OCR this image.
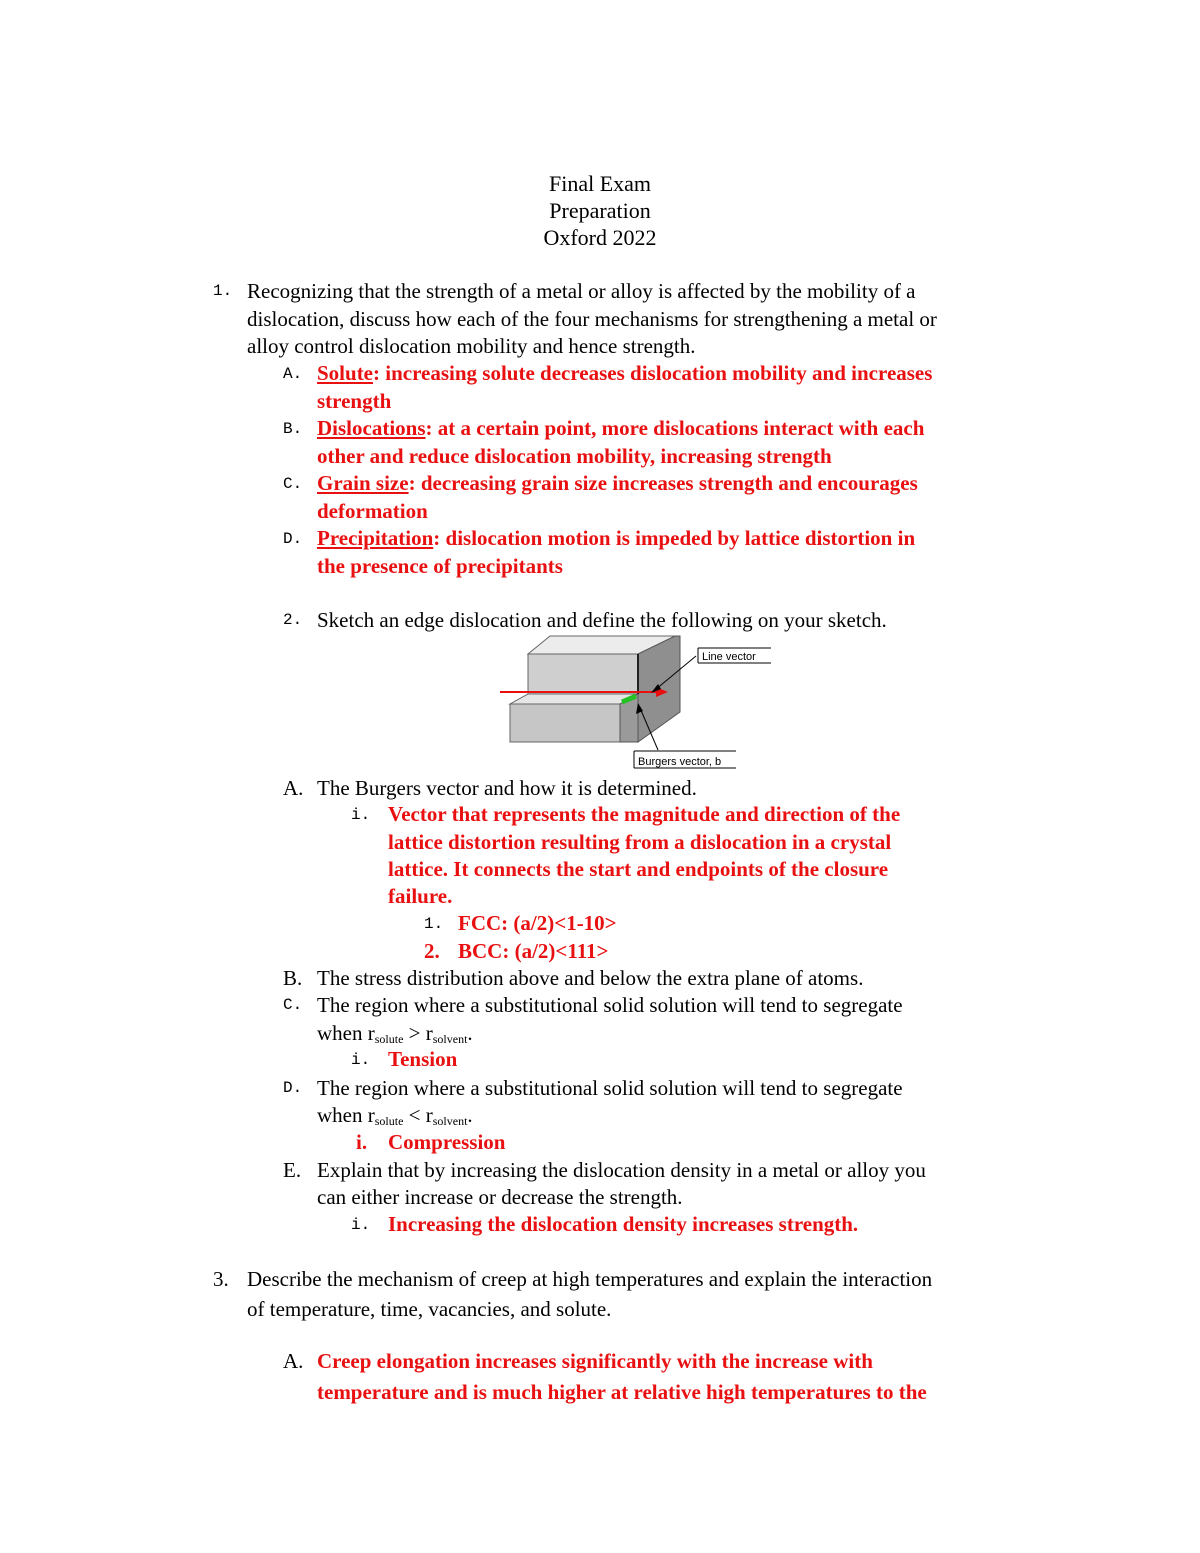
Final Exam
Preparation
Oxford 2022
1. Recognizing that the strength of a metal or alloy is affected by the mobility of a
dislocation, discuss how each of the four mechanisms for strengthening a metal or
alloy control dislocation mobility and hence strength.
A. Solute: increasing solute decreases dislocation mobility and increases
strength
B. Dislocations: at a certain point, more dislocations interact with each
other and reduce dislocation mobility, increasing strength
C. Grain size: decreasing grain size increases strength and encourages
deformation
D. Precipitation: dislocation motion is impeded by lattice distortion in
the presence of precipitants
2. Sketch an edge dislocation and define the following on your sketch.
Line vector
Burgers vector, b
A. The Burgers vector and how it is determined.
i. Vector that represents the magnitude and direction of the
lattice distortion resulting from a dislocation in a crystal
lattice. It connects the start and endpoints of the closure
failure.
1. FCC: (a/2)<1-10>
2. BCC: (a/2)<111>
B. The stress distribution above and below the extra plane of atoms.
C. The region where a substitutional solid solution will tend to segregate
when $r_{solute} > r_{solvent}$.
i. Tension
D. The region where a substitutional solid solution will tend to segregate
when $r_{solute} < r_{solvent}$.
i. Compression
E. Explain that by increasing the dislocation density in a metal or alloy you
can either increase or decrease the strength.
i. Increasing the dislocation density increases strength.
3. Describe the mechanism of creep at high temperatures and explain the interaction
of temperature, time, vacancies, and solute.
A. Creep elongation increases significantly with the increase with
temperature and is much higher at relative high temperatures to the
